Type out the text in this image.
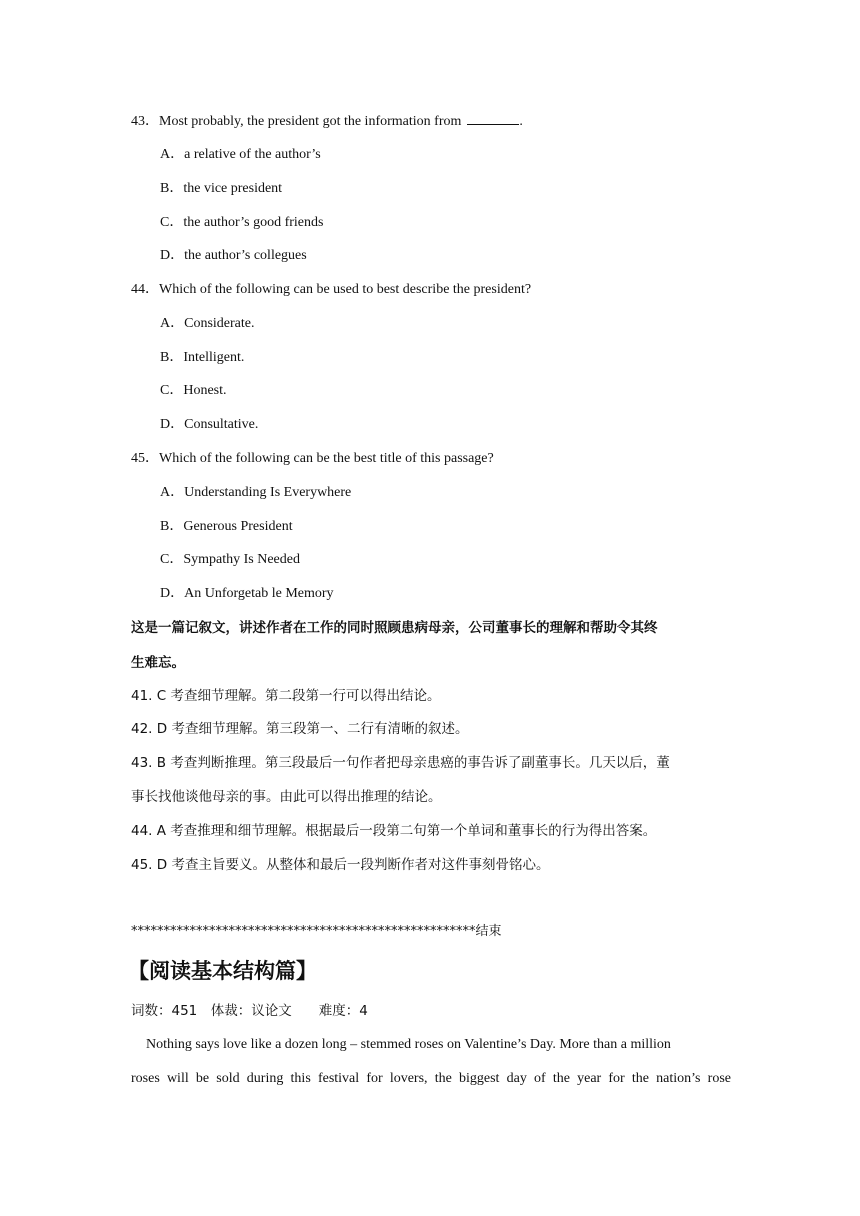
43．Most probably, the president got the information from	.
A．a relative of the author’s
B．the vice president
C．the author’s good friends
D．the author’s collegues
44．Which of the following can be used to best describe the president?
A．Considerate.
B．Intelligent.
C．Honest.
D．Consultative.
45．Which of the following can be the best title of this passage?
A．Understanding Is Everywhere
B．Generous President
C．Sympathy Is Needed
D．An Unforgetab le Memory
这是一篇记叙文，讲述作者在工作的同时照顾患病母亲，公司董事长的理解和帮助令其终
生难忘。
41. C 考查细节理解。第二段第一行可以得出结论。
42. D 考查细节理解。第三段第一、二行有清晰的叙述。
43. B 考查判断推理。第三段最后一句作者把母亲患癌的事告诉了副董事长。几天以后，董
事长找他谈他母亲的事。由此可以得出推理的结论。
44. A 考查推理和细节理解。根据最后一段第二句第一个单词和董事长的行为得出答案。
45. D 考查主旨要义。从整体和最后一段判断作者对这件事刻骨铭心。
*****************************************************结束
【阅读基本结构篇】
词数：451　体裁：议论文　　难度：4
Nothing says love like a dozen long – stemmed roses on Valentine’s Day. More than a million
roses will be sold during this festival for lovers, the biggest day of the year for the nation’s rose
